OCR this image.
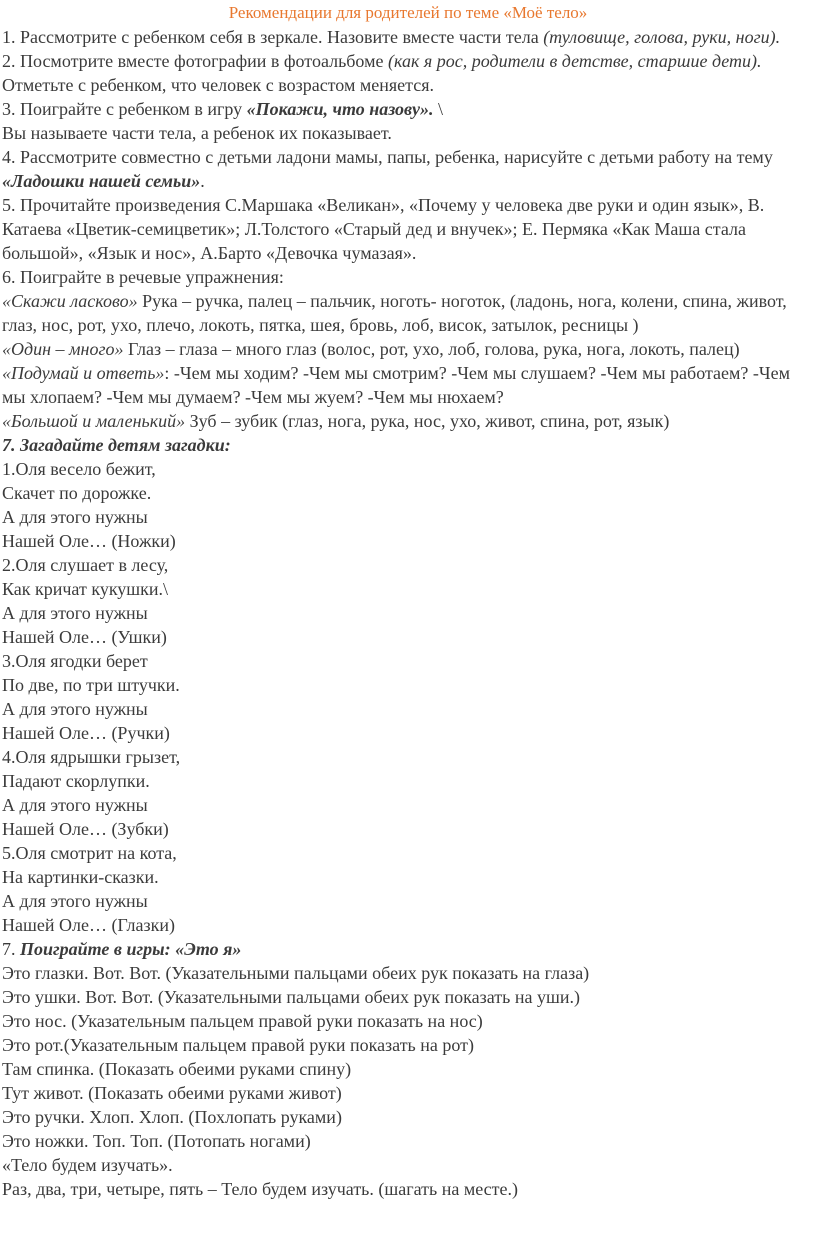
Рекомендации для родителей по теме «Моё тело»
1. Рассмотрите с ребенком себя в зеркале. Назовите вместе части тела (туловище, голова, руки, ноги).
2. Посмотрите вместе фотографии в фотоальбоме (как я рос, родители в детстве, старшие дети). Отметьте с ребенком, что человек с возрастом меняется.
3. Поиграйте с ребенком в игру «Покажи, что назову». \
Вы называете части тела, а ребенок их показывает.
4. Рассмотрите совместно с детьми ладони мамы, папы, ребенка, нарисуйте с детьми работу на тему «Ладошки нашей семьи».
5. Прочитайте произведения С.Маршака «Великан», «Почему у человека две руки и один язык», В. Катаева «Цветик-семицветик»; Л.Толстого «Старый дед и внучек»; Е. Пермяка «Как Маша стала большой», «Язык и нос», А.Барто «Девочка чумазая».
6. Поиграйте в речевые упражнения:
«Скажи ласково» Рука – ручка, палец – пальчик, ноготь- ноготок, (ладонь, нога, колени, спина, живот, глаз, нос, рот, ухо, плечо, локоть, пятка, шея, бровь, лоб, висок, затылок, ресницы )
«Один – много» Глаз – глаза – много глаз (волос, рот, ухо, лоб, голова, рука, нога, локоть, палец) «Подумай и ответь»: -Чем мы ходим? -Чем мы смотрим? -Чем мы слушаем? -Чем мы работаем? -Чем мы хлопаем? -Чем мы думаем? -Чем мы жуем? -Чем мы нюхаем?
«Большой и маленький» Зуб – зубик (глаз, нога, рука, нос, ухо, живот, спина, рот, язык)
7. Загадайте детям загадки:
1.Оля весело бежит,
Скачет по дорожке.
А для этого нужны
Нашей Оле… (Ножки)
2.Оля слушает в лесу,
Как кричат кукушки.\
А для этого нужны
Нашей Оле… (Ушки)
3.Оля ягодки берет
По две, по три штучки.
А для этого нужны
Нашей Оле… (Ручки)
4.Оля ядрышки грызет,
Падают скорлупки.
А для этого нужны
Нашей Оле… (Зубки)
5.Оля смотрит на кота,
На картинки-сказки.
А для этого нужны
Нашей Оле… (Глазки)
7. Поиграйте в игры: «Это я»
Это глазки. Вот. Вот. (Указательными пальцами обеих рук показать на глаза)
Это ушки. Вот. Вот. (Указательными пальцами обеих рук показать на уши.)
Это нос. (Указательным пальцем правой руки показать на нос)
Это рот.(Указательным пальцем правой руки показать на рот)
Там спинка. (Показать обеими руками спину)
Тут живот. (Показать обеими руками живот)
Это ручки. Хлоп. Хлоп. (Похлопать руками)
Это ножки. Топ. Топ. (Потопать ногами)
«Тело будем изучать».
Раз, два, три, четыре, пять – Тело будем изучать. (шагать на месте.)
